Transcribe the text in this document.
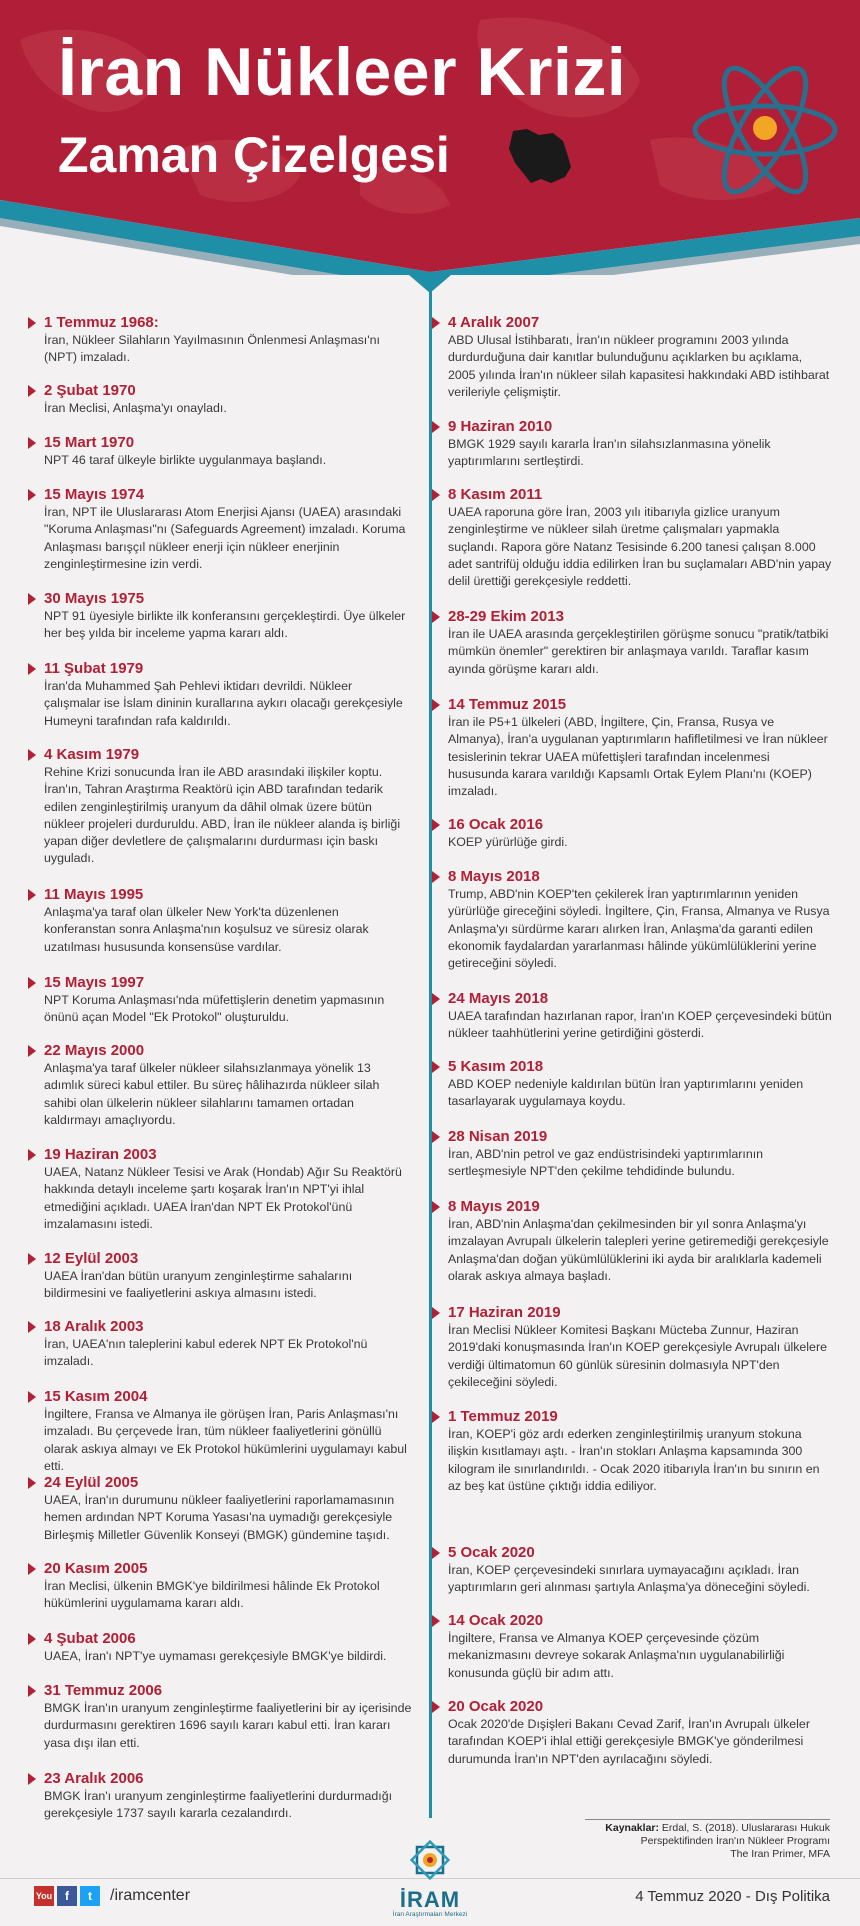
İran Nükleer Krizi
Zaman Çizelgesi
1 Temmuz 1968:
İran, Nükleer Silahların Yayılmasının Önlenmesi Anlaşması'nı (NPT) imzaladı.
2 Şubat 1970
İran Meclisi, Anlaşma'yı onayladı.
15 Mart 1970
NPT 46 taraf ülkeyle birlikte uygulanmaya başlandı.
15 Mayıs 1974
İran, NPT ile Uluslararası Atom Enerjisi Ajansı (UAEA) arasındaki "Koruma Anlaşması"nı (Safeguards Agreement) imzaladı. Koruma Anlaşması barışçıl nükleer enerji için nükleer enerjinin zenginleştirmesine izin verdi.
30 Mayıs 1975
NPT 91 üyesiyle birlikte ilk konferansını gerçekleştirdi. Üye ülkeler her beş yılda bir inceleme yapma kararı aldı.
11 Şubat 1979
İran'da Muhammed Şah Pehlevi iktidarı devrildi. Nükleer çalışmalar ise İslam dininin kurallarına aykırı olacağı gerekçesiyle Humeyni tarafından rafa kaldırıldı.
4 Kasım 1979
Rehine Krizi sonucunda İran ile ABD arasındaki ilişkiler koptu. İran'ın, Tahran Araştırma Reaktörü için ABD tarafından tedarik edilen zenginleştirilmiş uranyum da dâhil olmak üzere bütün nükleer projeleri durduruldu. ABD, İran ile nükleer alanda iş birliği yapan diğer devletlere de çalışmalarını durdurması için baskı uyguladı.
11 Mayıs 1995
Anlaşma'ya taraf olan ülkeler New York'ta düzenlenen konferanstan sonra Anlaşma'nın koşulsuz ve süresiz olarak uzatılması hususunda konsensüse vardılar.
15 Mayıs 1997
NPT Koruma Anlaşması'nda müfettişlerin denetim yapmasının önünü açan Model "Ek Protokol" oluşturuldu.
22 Mayıs 2000
Anlaşma'ya taraf ülkeler nükleer silahsızlanmaya yönelik 13 adımlık süreci kabul ettiler. Bu süreç hâlihazırda nükleer silah sahibi olan ülkelerin nükleer silahlarını tamamen ortadan kaldırmayı amaçlıyordu.
19 Haziran 2003
UAEA, Natanz Nükleer Tesisi ve Arak (Hondab) Ağır Su Reaktörü hakkında detaylı inceleme şartı koşarak İran'ın NPT'yi ihlal etmediğini açıkladı. UAEA İran'dan NPT Ek Protokol'ünü imzalamasını istedi.
12 Eylül 2003
UAEA İran'dan bütün uranyum zenginleştirme sahalarını bildirmesini ve faaliyetlerini askıya almasını istedi.
18 Aralık 2003
İran, UAEA'nın taleplerini kabul ederek NPT Ek Protokol'nü imzaladı.
15 Kasım 2004
İngiltere, Fransa ve Almanya ile görüşen İran, Paris Anlaşması'nı imzaladı. Bu çerçevede İran, tüm nükleer faaliyetlerini gönüllü olarak askıya almayı ve Ek Protokol hükümlerini uygulamayı kabul etti.
24 Eylül 2005
UAEA, İran'ın durumunu nükleer faaliyetlerini raporlamamasının hemen ardından NPT Koruma Yasası'na uymadığı gerekçesiyle Birleşmiş Milletler Güvenlik Konseyi (BMGK) gündemine taşıdı.
20 Kasım 2005
İran Meclisi, ülkenin BMGK'ye bildirilmesi hâlinde Ek Protokol hükümlerini uygulamama kararı aldı.
4 Şubat 2006
UAEA, İran'ı NPT'ye uymaması gerekçesiyle BMGK'ye bildirdi.
31 Temmuz 2006
BMGK İran'ın uranyum zenginleştirme faaliyetlerini bir ay içerisinde durdurmasını gerektiren 1696 sayılı kararı kabul etti. İran kararı yasa dışı ilan etti.
23 Aralık 2006
BMGK İran'ı uranyum zenginleştirme faaliyetlerini durdurmadığı gerekçesiyle 1737 sayılı kararla cezalandırdı.
4 Aralık 2007
ABD Ulusal İstihbaratı, İran'ın nükleer programını 2003 yılında durdurduğuna dair kanıtlar bulunduğunu açıklarken bu açıklama, 2005 yılında İran'ın nükleer silah kapasitesi hakkındaki ABD istihbarat verileriyle çelişmiştir.
9 Haziran 2010
BMGK 1929 sayılı kararla İran'ın silahsızlanmasına yönelik yaptırımlarını sertleştirdi.
8 Kasım 2011
UAEA raporuna göre İran, 2003 yılı itibarıyla gizlice uranyum zenginleştirme ve nükleer silah üretme çalışmaları yapmakla suçlandı. Rapora göre Natanz Tesisinde 6.200 tanesi çalışan 8.000 adet santrifüj olduğu iddia edilirken İran bu suçlamaları ABD'nin yapay delil ürettiği gerekçesiyle reddetti.
28-29 Ekim 2013
İran ile UAEA arasında gerçekleştirilen görüşme sonucu "pratik/tatbiki mümkün önemler" gerektiren bir anlaşmaya varıldı. Taraflar kasım ayında görüşme kararı aldı.
14 Temmuz 2015
İran ile P5+1 ülkeleri (ABD, İngiltere, Çin, Fransa, Rusya ve Almanya), İran'a uygulanan yaptırımların hafifletilmesi ve İran nükleer tesislerinin tekrar UAEA müfettişleri tarafından incelenmesi hususunda karara varıldığı Kapsamlı Ortak Eylem Planı'nı (KOEP) imzaladı.
16 Ocak 2016
KOEP yürürlüğe girdi.
8 Mayıs 2018
Trump, ABD'nin KOEP'ten çekilerek İran yaptırımlarının yeniden yürürlüğe gireceğini söyledi. İngiltere, Çin, Fransa, Almanya ve Rusya Anlaşma'yı sürdürme kararı alırken İran, Anlaşma'da garanti edilen ekonomik faydalardan yararlanması hâlinde yükümlülüklerini yerine getireceğini söyledi.
24 Mayıs 2018
UAEA tarafından hazırlanan rapor, İran'ın KOEP çerçevesindeki bütün nükleer taahhütlerini yerine getirdiğini gösterdi.
5 Kasım 2018
ABD KOEP nedeniyle kaldırılan bütün İran yaptırımlarını yeniden tasarlayarak uygulamaya koydu.
28 Nisan 2019
İran, ABD'nin petrol ve gaz endüstrisindeki yaptırımlarının sertleşmesiyle NPT'den çekilme tehdidinde bulundu.
8 Mayıs 2019
İran, ABD'nin Anlaşma'dan çekilmesinden bir yıl sonra Anlaşma'yı imzalayan Avrupalı ülkelerin talepleri yerine getiremediği gerekçesiyle Anlaşma'dan doğan yükümlülüklerini iki ayda bir aralıklarla kademeli olarak askıya almaya başladı.
17 Haziran 2019
İran Meclisi Nükleer Komitesi Başkanı Mücteba Zunnur, Haziran 2019'daki konuşmasında İran'ın KOEP gerekçesiyle Avrupalı ülkelere verdiği ültimatomun 60 günlük süresinin dolmasıyla NPT'den çekileceğini söyledi.
1 Temmuz 2019
İran, KOEP'i göz ardı ederken zenginleştirilmiş uranyum stokuna ilişkin kısıtlamayı aştı. - İran'ın stokları Anlaşma kapsamında 300 kilogram ile sınırlandırıldı. - Ocak 2020 itibarıyla İran'ın bu sınırın en az beş kat üstüne çıktığı iddia ediliyor.
5 Ocak 2020
İran, KOEP çerçevesindeki sınırlara uymayacağını açıkladı. İran yaptırımların geri alınması şartıyla Anlaşma'ya döneceğini söyledi.
14 Ocak 2020
İngiltere, Fransa ve Almanya KOEP çerçevesinde çözüm mekanizmasını devreye sokarak Anlaşma'nın uygulanabilirliği konusunda güçlü bir adım attı.
20 Ocak 2020
Ocak 2020'de Dışişleri Bakanı Cevad Zarif, İran'ın Avrupalı ülkeler tarafından KOEP'i ihlal ettiği gerekçesiyle BMGK'ye gönderilmesi durumunda İran'ın NPT'den ayrılacağını söyledi.
Kaynaklar: Erdal, S. (2018). Uluslararası Hukuk
Perspektifinden İran'ın Nükleer Programı
The Iran Primer, MFA
You	f	t	/iramcenter	İRAM
İran Araştırmaları Merkezi
4 Temmuz 2020 - Dış Politika
